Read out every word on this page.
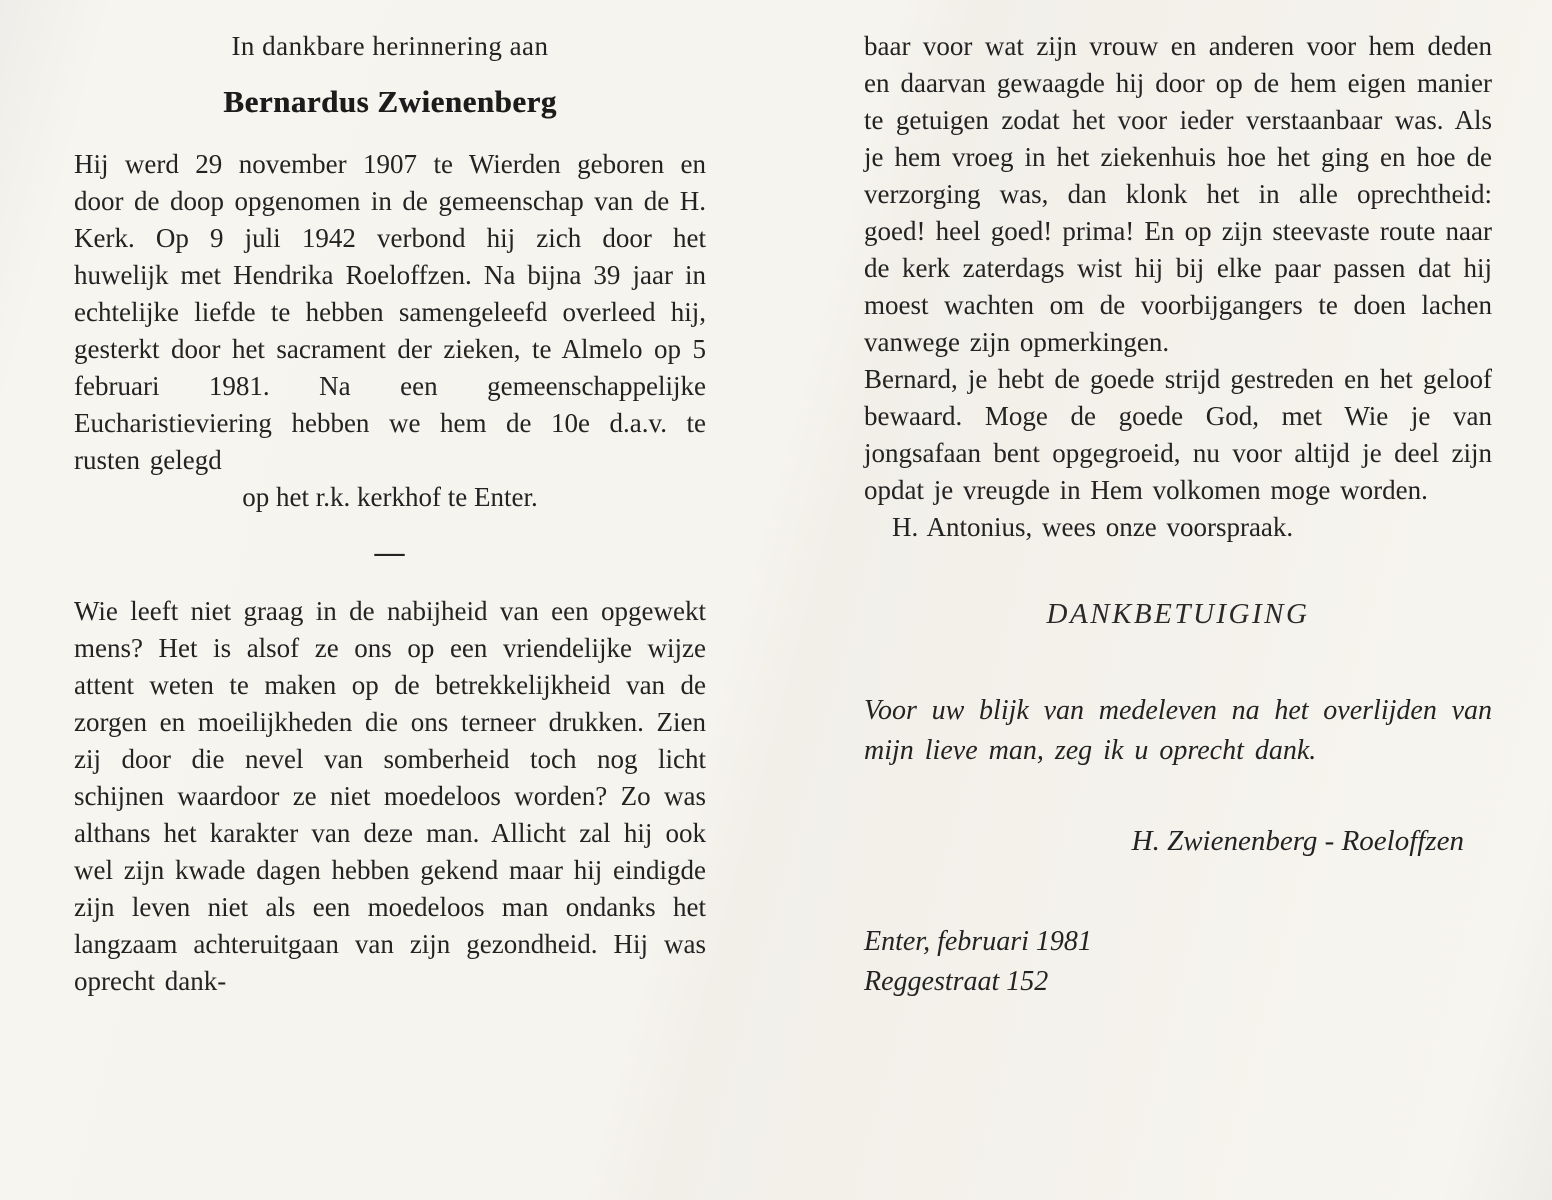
In dankbare herinnering aan
Bernardus Zwienenberg

Hij werd 29 november 1907 te Wierden geboren en door de doop opgenomen in de gemeenschap van de H. Kerk. Op 9 juli 1942 verbond hij zich door het huwelijk met Hendrika Roeloffzen. Na bijna 39 jaar in echtelijke liefde te hebben samengeleefd overleed hij, gesterkt door het sacrament der zieken, te Almelo op 5 februari 1981. Na een gemeenschappelijke Eucharistieviering hebben we hem de 10e d.a.v. te rusten gelegd

op het r.k. kerkhof te Enter.
—

Wie leeft niet graag in de nabijheid van een opgewekt mens? Het is alsof ze ons op een vriendelijke wijze attent weten te maken op de betrekkelijkheid van de zorgen en moeilijkheden die ons terneer drukken. Zien zij door die nevel van somberheid toch nog licht schijnen waardoor ze niet moedeloos worden? Zo was althans het karakter van deze man. Allicht zal hij ook wel zijn kwade dagen hebben gekend maar hij eindigde zijn leven niet als een moedeloos man ondanks het langzaam achteruitgaan van zijn gezondheid. Hij was oprecht dank-

baar voor wat zijn vrouw en anderen voor hem deden en daarvan gewaagde hij door op de hem eigen manier te getuigen zodat het voor ieder verstaanbaar was. Als je hem vroeg in het ziekenhuis hoe het ging en hoe de verzorging was, dan klonk het in alle oprechtheid: goed! heel goed! prima! En op zijn steevaste route naar de kerk zaterdags wist hij bij elke paar passen dat hij moest wachten om de voorbijgangers te doen lachen vanwege zijn opmerkingen.

Bernard, je hebt de goede strijd gestreden en het geloof bewaard. Moge de goede God, met Wie je van jongsafaan bent opgegroeid, nu voor altijd je deel zijn opdat je vreugde in Hem volkomen moge worden.

H. Antonius, wees onze voorspraak.

DANKBETUIGING

Voor uw blijk van medeleven na het overlijden van mijn lieve man, zeg ik u oprecht dank.

H. Zwienenberg - Roeloffzen
Enter, februari 1981
Reggestraat 152
